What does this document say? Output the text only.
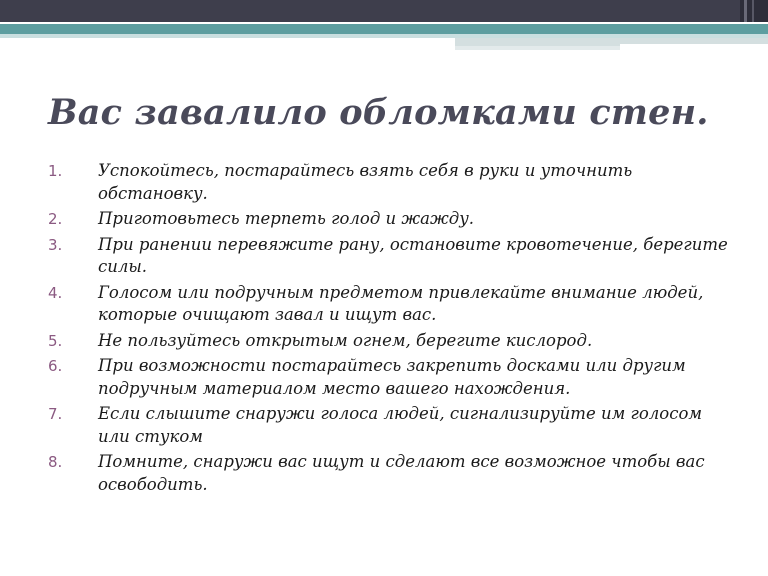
Вас завалило обломками стен.
1. Успокойтесь, постарайтесь взять себя в руки и уточнить обстановку.
2. Приготовьтесь терпеть голод и жажду.
3. При ранении перевяжите рану, остановите кровотечение, берегите силы.
4. Голосом или подручным предметом привлекайте внимание людей, которые очищают завал и ищут вас.
5. Не пользуйтесь открытым огнем, берегите кислород.
6. При возможности постарайтесь закрепить досками или другим подручным материалом место вашего нахождения.
7. Если слышите снаружи голоса людей, сигнализируйте им голосом или стуком
8. Помните, снаружи вас ищут и сделают все возможное чтобы вас освободить.
